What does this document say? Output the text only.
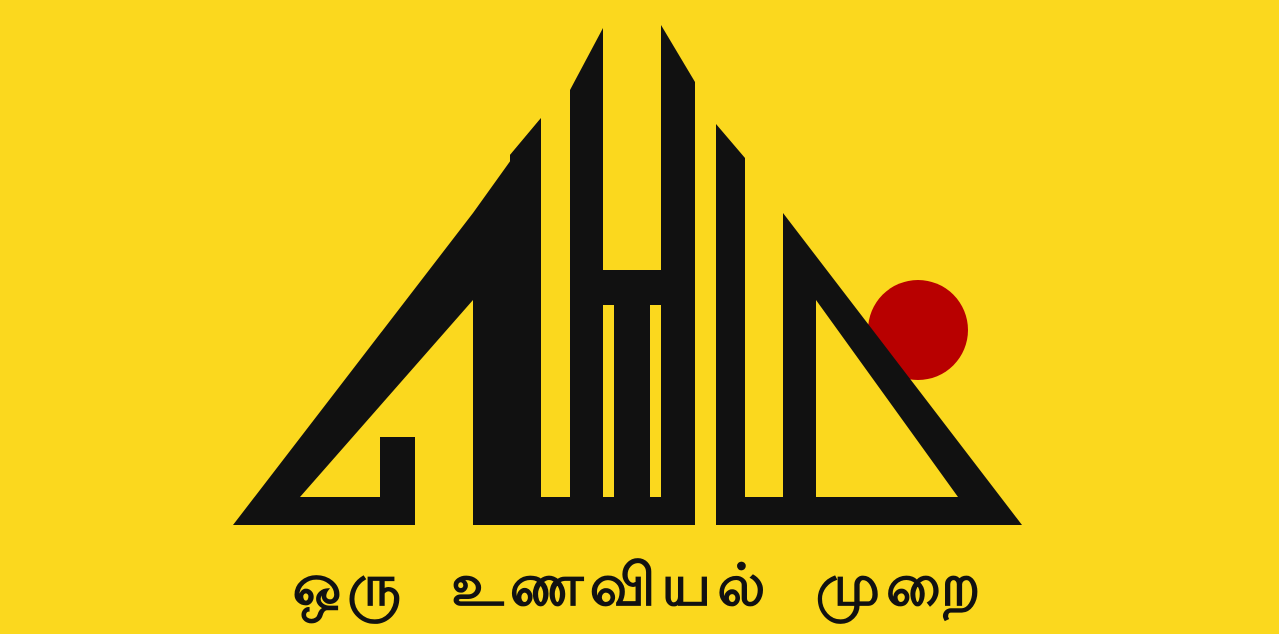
ஒரு உணவியல் முறை
